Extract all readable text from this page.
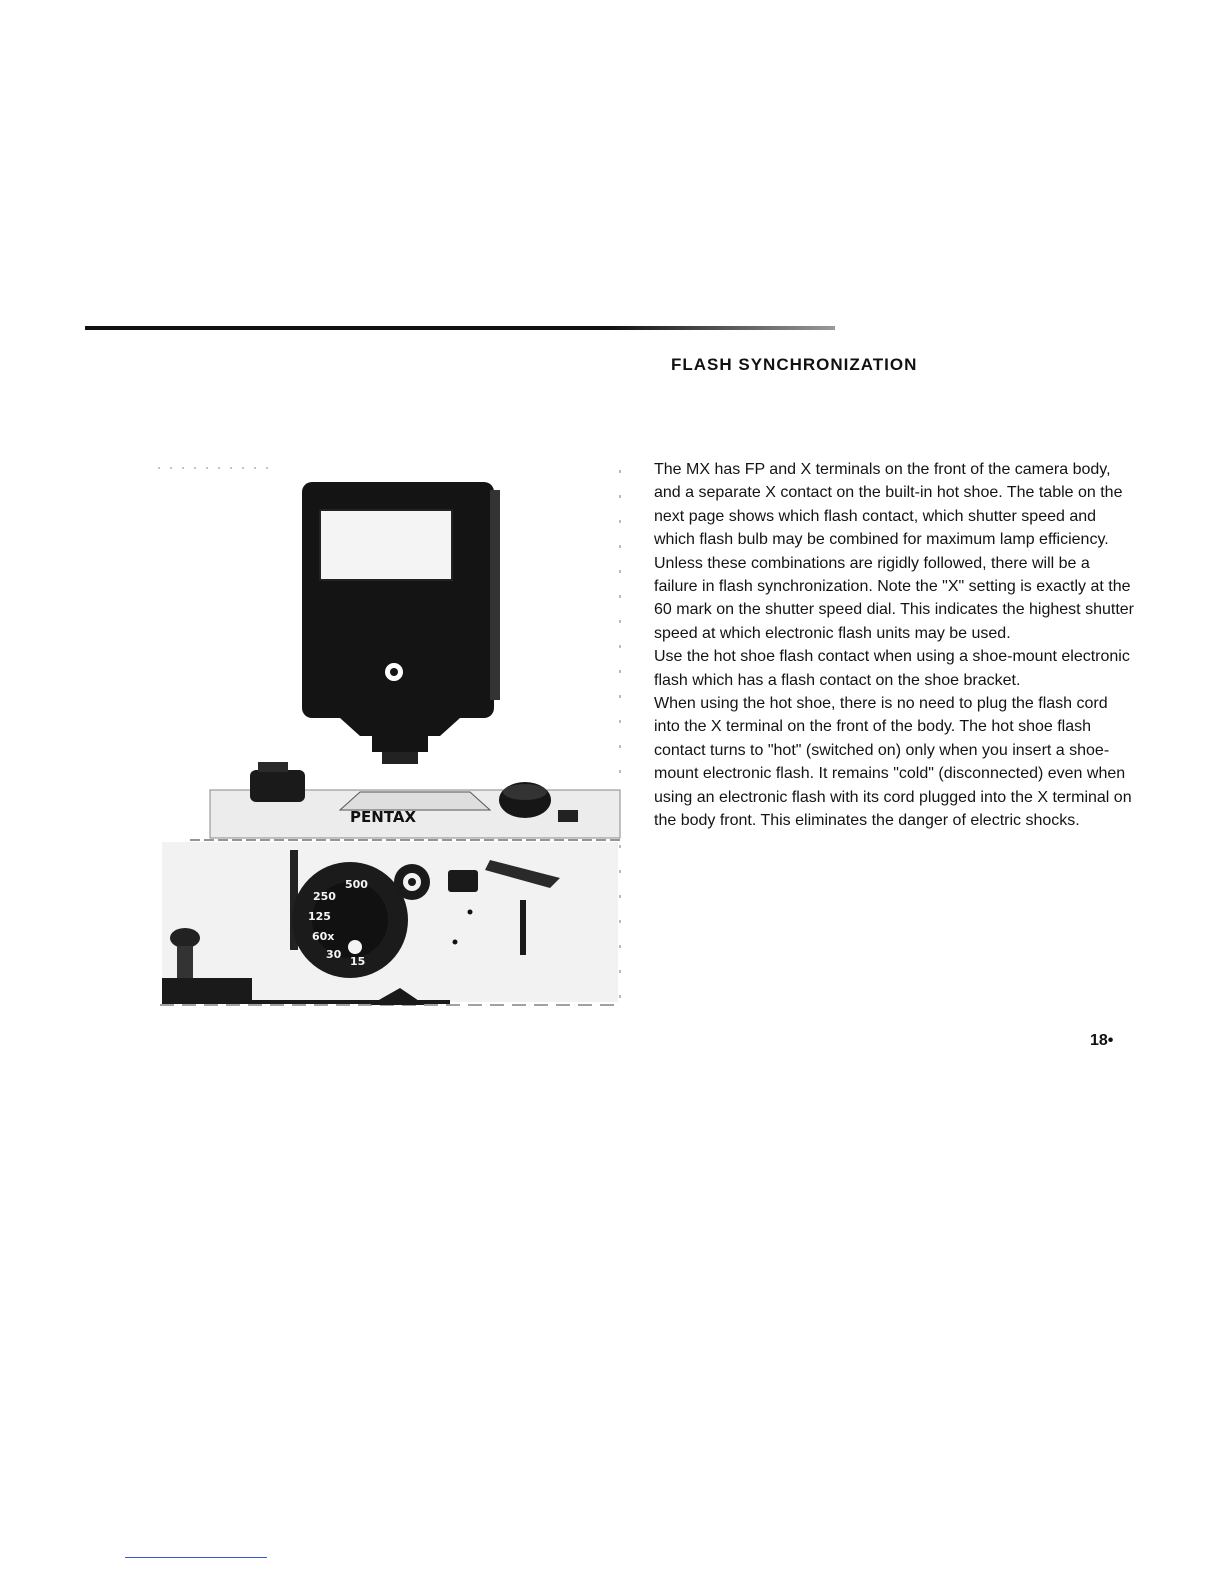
FLASH SYNCHRONIZATION
PENTAX
250
500
125
60x
30
15

The MX has FP and X terminals on the front of the camera body, and a separate X contact on the built-in hot shoe. The table on the next page shows which flash contact, which shutter speed and which flash bulb may be combined for maximum lamp efficiency. Unless these combinations are rigidly followed, there will be a failure in flash synchronization. Note the "X" setting is exactly at the 60 mark on the shutter speed dial. This indicates the highest shutter speed at which electronic flash units may be used.

Use the hot shoe flash contact when using a shoe-mount electronic flash which has a flash contact on the shoe bracket.

When using the hot shoe, there is no need to plug the flash cord into the X terminal on the front of the body. The hot shoe flash contact turns to "hot" (switched on) only when you insert a shoe-mount electronic flash. It remains "cold" (disconnected) even when using an electronic flash with its cord plugged into the X terminal on the body front. This eliminates the danger of electric shocks.

18•
